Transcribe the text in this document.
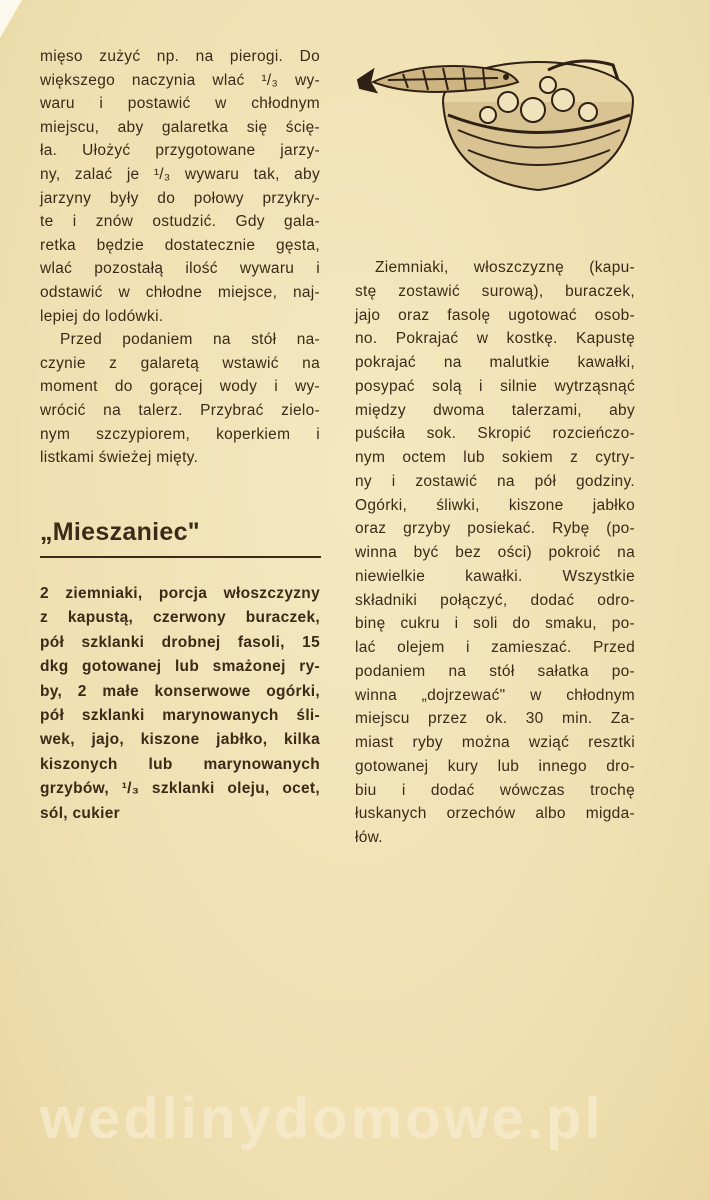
mięso zużyć np. na pierogi. Do
większego naczynia wlać ¹/₃ wy-
waru i postawić w chłodnym
miejscu, aby galaretka się ścię-
ła. Ułożyć przygotowane jarzy-
ny, zalać je ¹/₃ wywaru tak, aby
jarzyny były do połowy przykry-
te i znów ostudzić. Gdy gala-
retka będzie dostatecznie gęsta,
wlać pozostałą ilość wywaru i
odstawić w chłodne miejsce, naj-
lepiej do lodówki.
Przed podaniem na stół na-
czynie z galaretą wstawić na
moment do gorącej wody i wy-
wrócić na talerz. Przybrać zielo-
nym szczypiorem, koperkiem i
listkami świeżej mięty.
„Mieszaniec"
2 ziemniaki, porcja włoszczyzny
z kapustą, czerwony buraczek,
pół szklanki drobnej fasoli, 15
dkg gotowanej lub smażonej ry-
by, 2 małe konserwowe ogórki,
pół szklanki marynowanych śli-
wek, jajo, kiszone jabłko, kilka
kiszonych lub marynowanych
grzybów, ¹/₃ szklanki oleju, ocet,
sól, cukier
Ziemniaki, włoszczyznę (kapu-
stę zostawić surową), buraczek,
jajo oraz fasolę ugotować osob-
no. Pokrajać w kostkę. Kapustę
pokrajać na malutkie kawałki,
posypać solą i silnie wytrząsnąć
między dwoma talerzami, aby
puściła sok. Skropić rozcieńczo-
nym octem lub sokiem z cytry-
ny i zostawić na pół godziny.
Ogórki, śliwki, kiszone jabłko
oraz grzyby posiekać. Rybę (po-
winna być bez ości) pokroić na
niewielkie kawałki. Wszystkie
składniki połączyć, dodać odro-
binę cukru i soli do smaku, po-
lać olejem i zamieszać. Przed
podaniem na stół sałatka po-
winna „dojrzewać" w chłodnym
miejscu przez ok. 30 min. Za-
miast ryby można wziąć resztki
gotowanej kury lub innego dro-
biu i dodać wówczas trochę
łuskanych orzechów albo migda-
łów.
wedlinydomowe.pl
